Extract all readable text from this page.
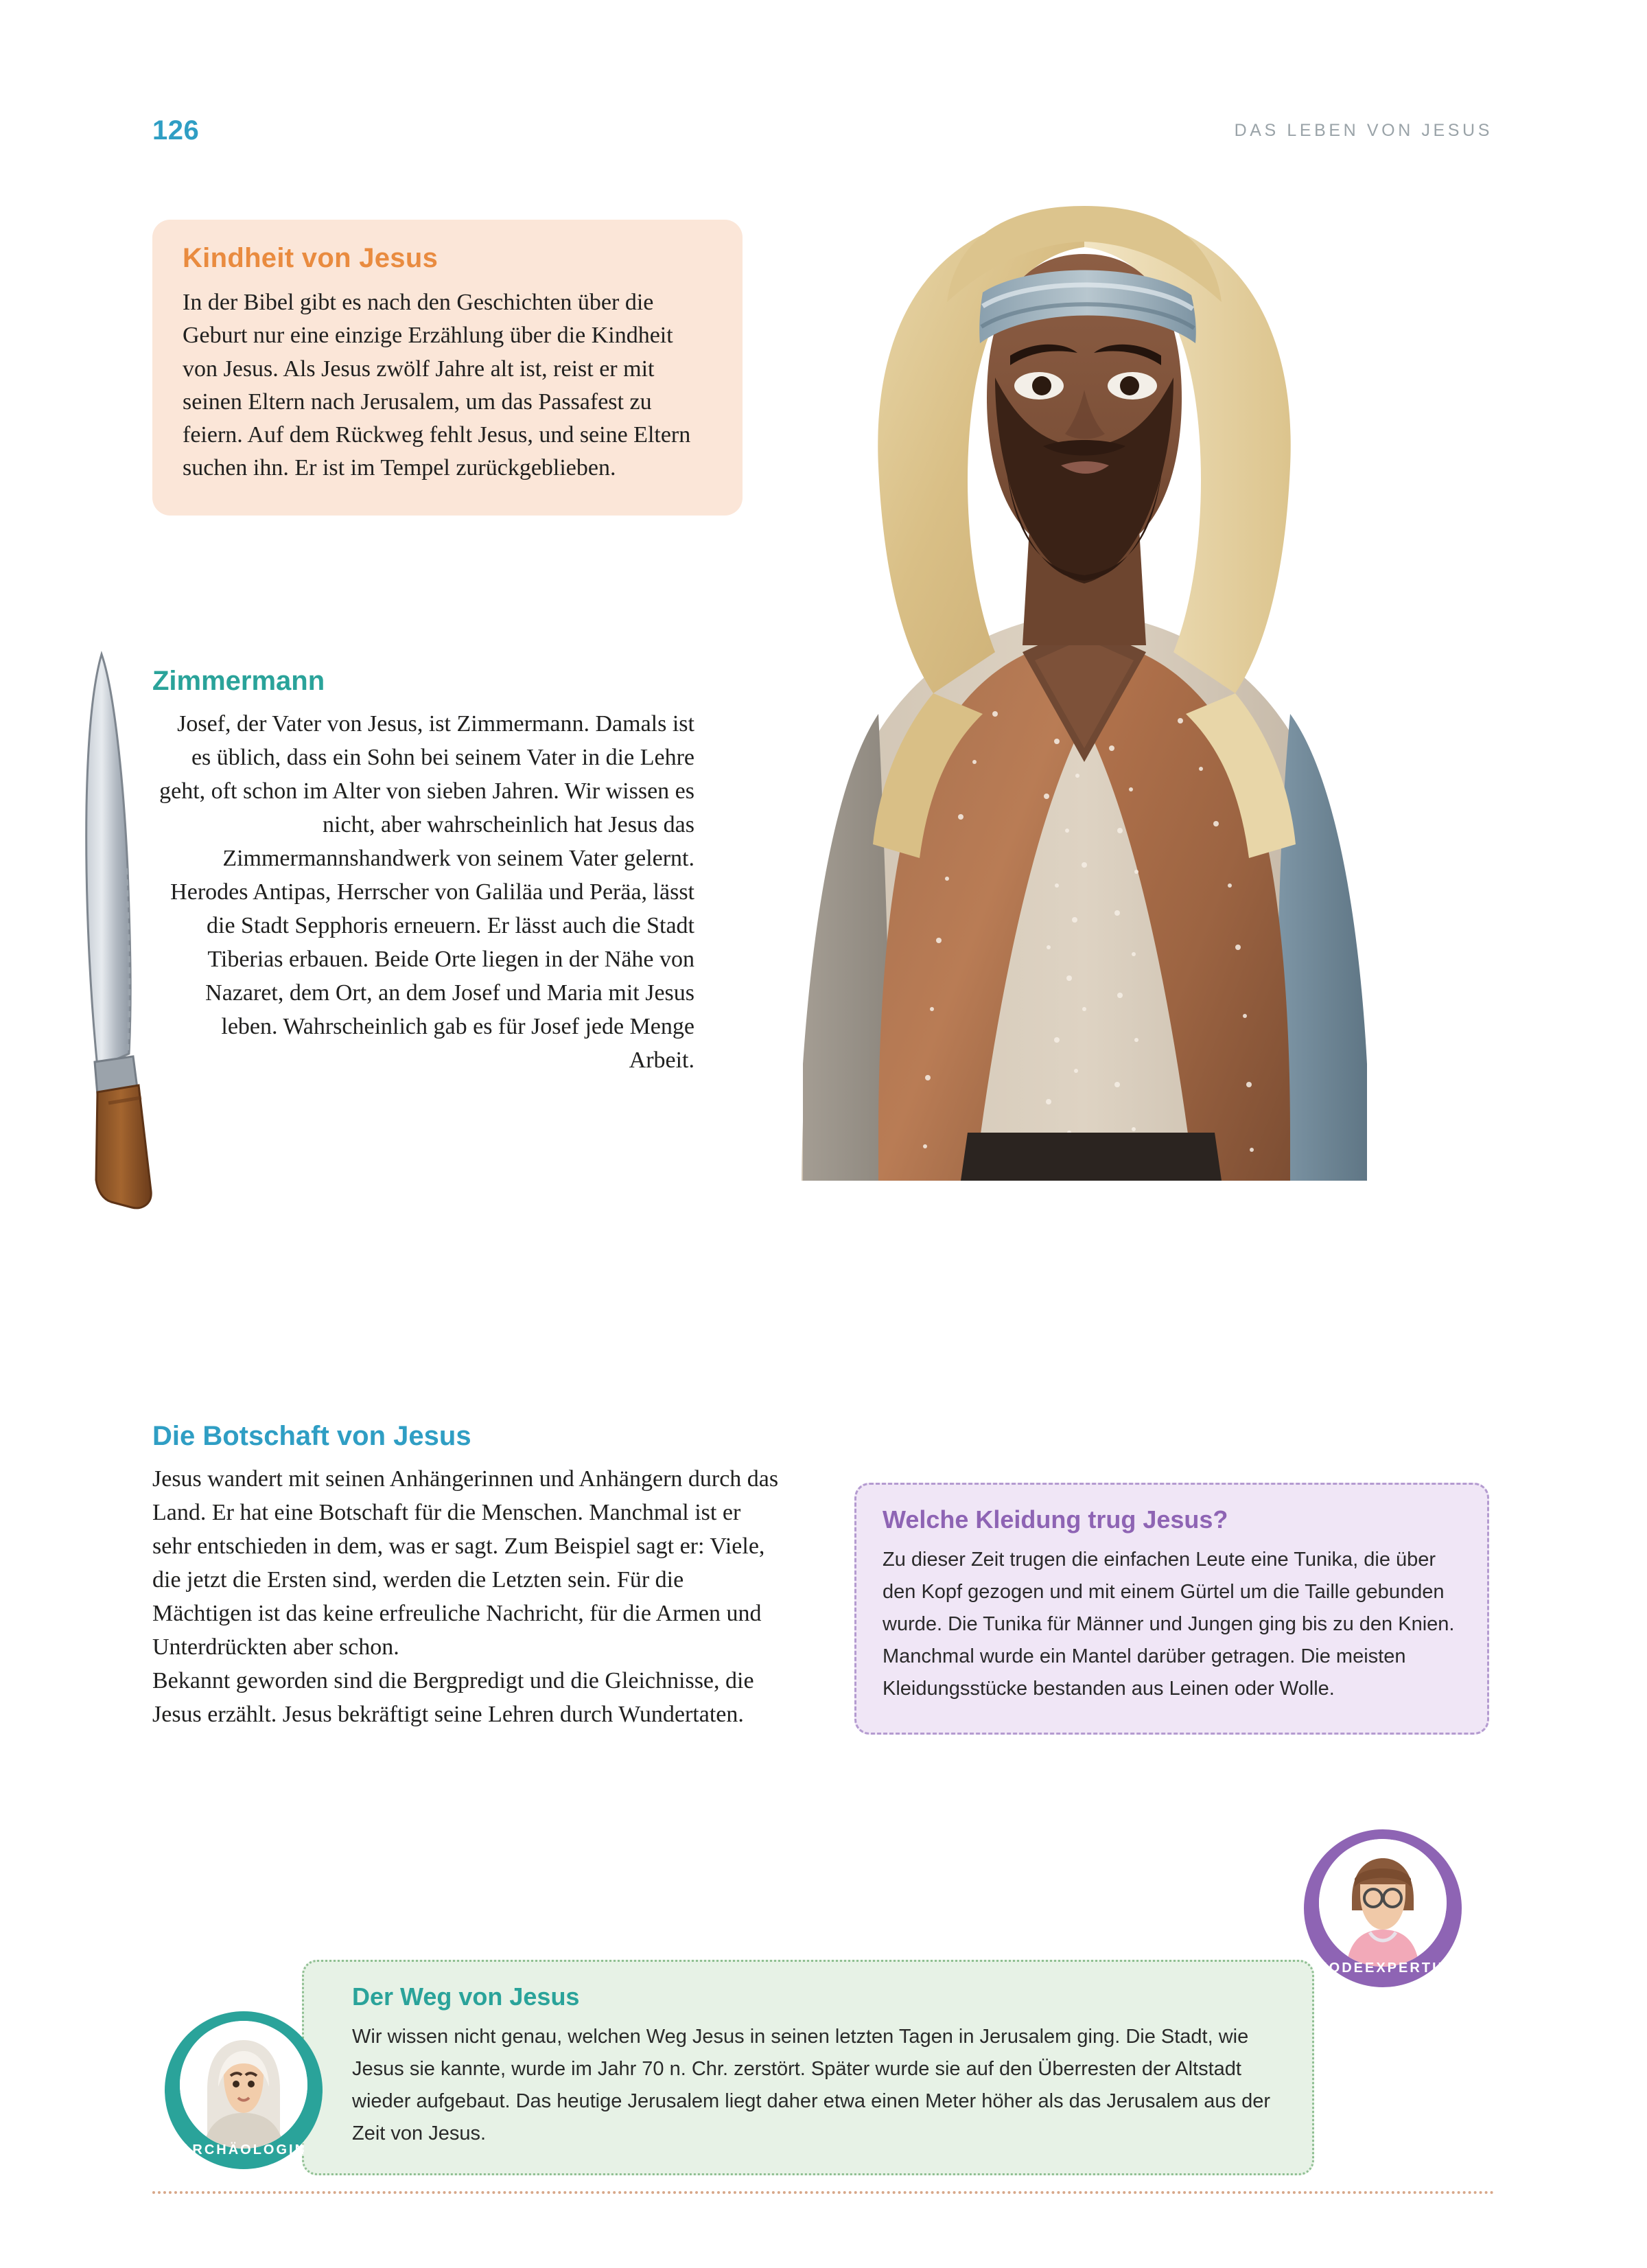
126	DAS LEBEN VON JESUS
Kindheit von Jesus

In der Bibel gibt es nach den Geschichten über die Geburt nur eine einzige Erzählung über die Kindheit von Jesus. Als Jesus zwölf Jahre alt ist, reist er mit seinen Eltern nach Jerusalem, um das Passafest zu feiern. Auf dem Rückweg fehlt Jesus, und seine Eltern suchen ihn. Er ist im Tempel zurückgeblieben.

Zimmermann

Josef, der Vater von Jesus, ist Zimmermann. Damals ist es üblich, dass ein Sohn bei seinem Vater in die Lehre geht, oft schon im Alter von sieben Jahren. Wir wissen es nicht, aber wahrscheinlich hat Jesus das Zimmermannshandwerk von seinem Vater gelernt. Herodes Antipas, Herrscher von Galiläa und Peräa, lässt die Stadt Sepphoris erneuern. Er lässt auch die Stadt Tiberias erbauen. Beide Orte liegen in der Nähe von Nazaret, dem Ort, an dem Josef und Maria mit Jesus leben. Wahrscheinlich gab es für Josef jede Menge Arbeit.

Die Botschaft von Jesus

Jesus wandert mit seinen Anhängerinnen und Anhängern durch das Land. Er hat eine Botschaft für die Menschen. Manchmal ist er sehr entschieden in dem, was er sagt. Zum Beispiel sagt er: Viele, die jetzt die Ersten sind, werden die Letzten sein. Für die Mächtigen ist das keine erfreuliche Nachricht, für die Armen und Unterdrückten aber schon.

Bekannt geworden sind die Bergpredigt und die Gleichnisse, die Jesus erzählt. Jesus bekräftigt seine Lehren durch Wundertaten.

Welche Kleidung trug Jesus?

Zu dieser Zeit trugen die einfachen Leute eine Tunika, die über den Kopf gezogen und mit einem Gürtel um die Taille gebunden wurde. Die Tunika für Männer und Jungen ging bis zu den Knien. Manchmal wurde ein Mantel darüber getragen. Die meisten Kleidungsstücke bestanden aus Leinen oder Wolle.

Der Weg von Jesus

Wir wissen nicht genau, welchen Weg Jesus in seinen letzten Tagen in Jerusalem ging. Die Stadt, wie Jesus sie kannte, wurde im Jahr 70 n. Chr. zerstört. Später wurde sie auf den Überresten der Altstadt wieder aufgebaut. Das heutige Jerusalem liegt daher etwa einen Meter höher als das Jerusalem aus der Zeit von Jesus.

MODEEXPERTIN
ARCHÄOLOGIN
